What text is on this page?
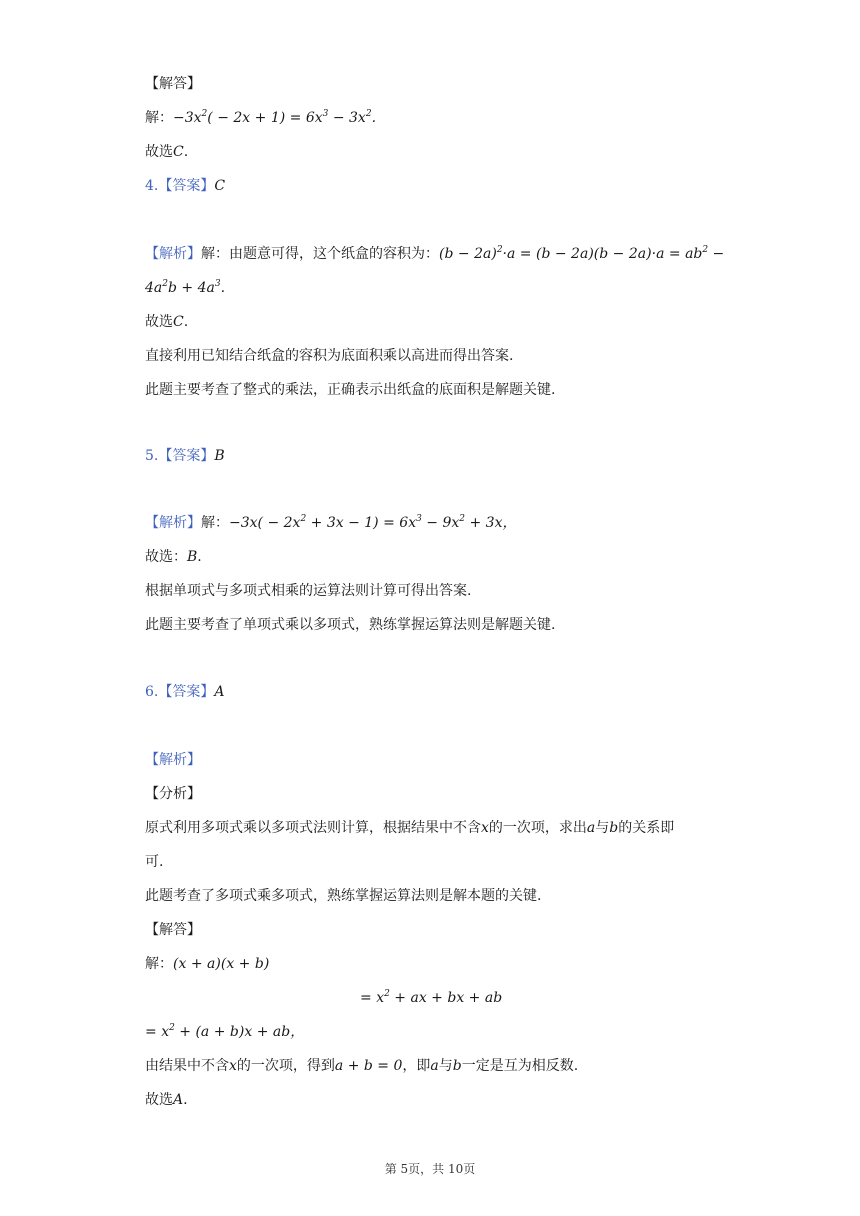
【解答】
解：$-3x^2( - 2x + 1) = 6x^3 - 3x^2$.
故选C.
4.【答案】C
【解析】解：由题意可得，这个纸盒的容积为：$(b - 2a)^2\cdot a = (b - 2a)(b - 2a)\cdot a = ab^2$ −
$4a^2b + 4a^3$.
故选C.
直接利用已知结合纸盒的容积为底面积乘以高进而得出答案.
此题主要考查了整式的乘法，正确表示出纸盒的底面积是解题关键.
5.【答案】B
【解析】解：$-3x( - 2x^2 + 3x - 1) = 6x^3 - 9x^2 + 3x$，
故选：B.
根据单项式与多项式相乘的运算法则计算可得出答案.
此题主要考查了单项式乘以多项式，熟练掌握运算法则是解题关键.
6.【答案】A
【解析】
【分析】
原式利用多项式乘以多项式法则计算，根据结果中不含x的一次项，求出a与b的关系即
可.
此题考查了多项式乘多项式，熟练掌握运算法则是解本题的关键.
【解答】
解：(x + a)(x + b)
= $x^2$ + ax + bx + ab
= $x^2 + (a + b)x$ + ab，
由结果中不含x的一次项，得到a + b = 0，即a与b一定是互为相反数.
故选A.
第 5页，共 10页
